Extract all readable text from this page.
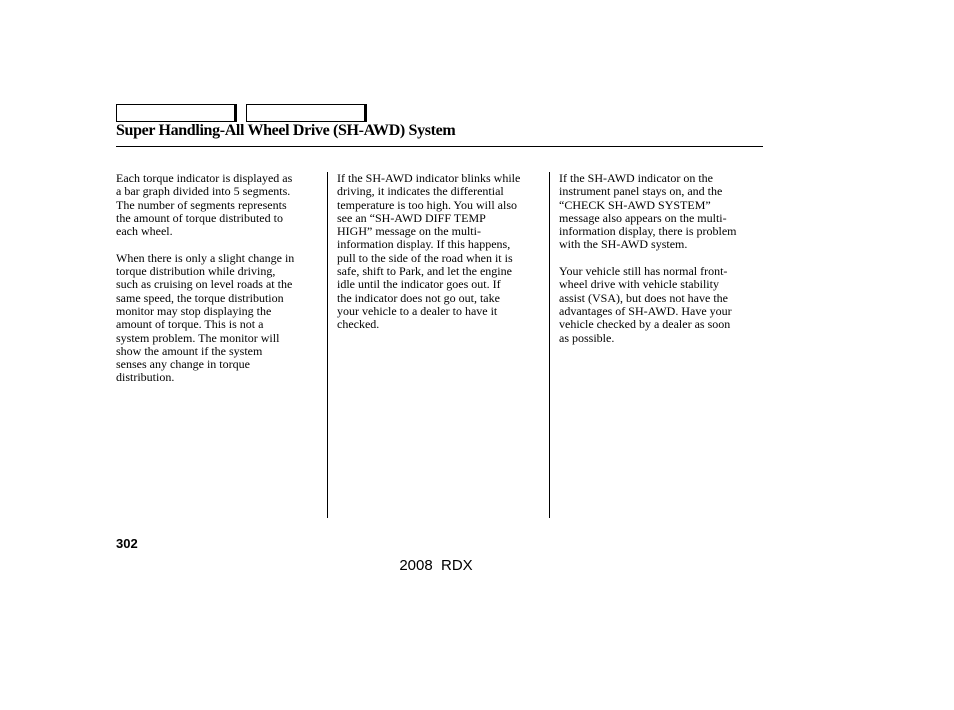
Super Handling-All Wheel Drive (SH-AWD) System

Each torque indicator is displayed as
a bar graph divided into 5 segments.
The number of segments represents
the amount of torque distributed to
each wheel.

When there is only a slight change in
torque distribution while driving,
such as cruising on level roads at the
same speed, the torque distribution
monitor may stop displaying the
amount of torque. This is not a
system problem. The monitor will
show the amount if the system
senses any change in torque
distribution.

If the SH-AWD indicator blinks while
driving, it indicates the differential
temperature is too high. You will also
see an “SH-AWD DIFF TEMP
HIGH” message on the multi-
information display. If this happens,
pull to the side of the road when it is
safe, shift to Park, and let the engine
idle until the indicator goes out. If
the indicator does not go out, take
your vehicle to a dealer to have it
checked.

If the SH-AWD indicator on the
instrument panel stays on, and the
“CHECK SH-AWD SYSTEM”
message also appears on the multi-
information display, there is problem
with the SH-AWD system.

Your vehicle still has normal front-
wheel drive with vehicle stability
assist (VSA), but does not have the
advantages of SH-AWD. Have your
vehicle checked by a dealer as soon
as possible.

302
2008  RDX
